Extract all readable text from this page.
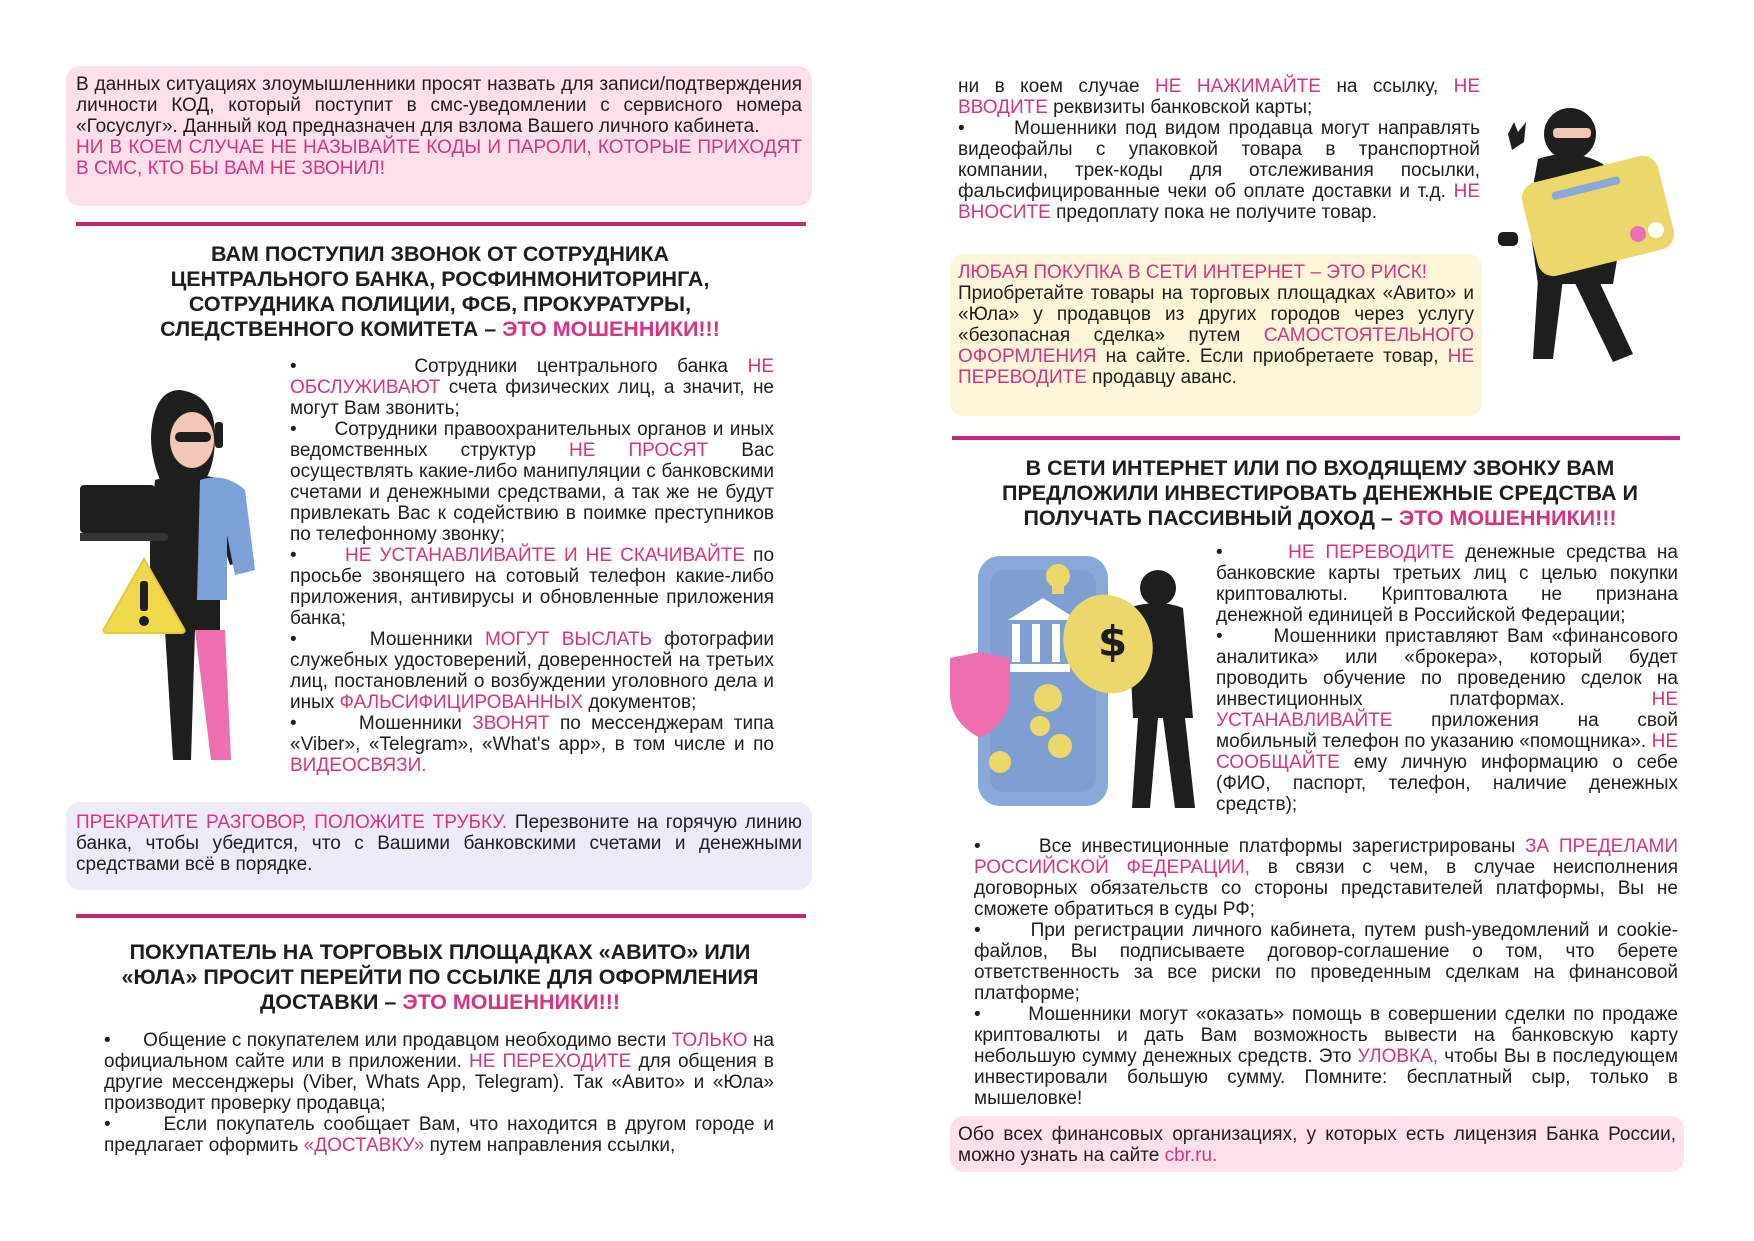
В данных ситуациях злоумышленники просят назвать для записи/подтверждения личности КОД, который поступит в смс-уведомлении с сервисного номера «Госуслуг». Данный код предназначен для взлома Вашего личного кабинета.
НИ В КОЕМ СЛУЧАЕ НЕ НАЗЫВАЙТЕ КОДЫ И ПАРОЛИ, КОТОРЫЕ ПРИХОДЯТ В СМС, КТО БЫ ВАМ НЕ ЗВОНИЛ!

ВАМ ПОСТУПИЛ ЗВОНОК ОТ СОТРУДНИКА ЦЕНТРАЛЬНОГО БАНКА, РОСФИНМОНИТОРИНГА, СОТРУДНИКА ПОЛИЦИИ, ФСБ, ПРОКУРАТУРЫ, СЛЕДСТВЕННОГО КОМИТЕТА – ЭТО МОШЕННИКИ!!!

•      Сотрудники центрального банка НЕ ОБСЛУЖИВАЮТ счета физических лиц, а значит, не могут Вам звонить;
•      Сотрудники правоохранительных органов и иных ведомственных структур НЕ ПРОСЯТ Вас осуществлять какие-либо манипуляции с банковскими счетами и денежными средствами, а так же не будут привлекать Вас к содействию в поимке преступников по телефонному звонку;
•      НЕ УСТАНАВЛИВАЙТЕ И НЕ СКАЧИВАЙТЕ по просьбе звонящего на сотовый телефон какие-либо приложения, антивирусы и обновленные приложения банка;
•      Мошенники МОГУТ ВЫСЛАТЬ фотографии служебных удостоверений, доверенностей на третьих лиц, постановлений о возбуждении уголовного дела и иных ФАЛЬСИФИЦИРОВАННЫХ документов;
•      Мошенники ЗВОНЯТ по мессенджерам типа «Viber», «Telegram», «What's app», в том числе и по ВИДЕОСВЯЗИ.

ПРЕКРАТИТЕ РАЗГОВОР, ПОЛОЖИТЕ ТРУБКУ. Перезвоните на горячую линию банка, чтобы убедится, что с Вашими банковскими счетами и денежными средствами всё в порядке.

ПОКУПАТЕЛЬ НА ТОРГОВЫХ ПЛОЩАДКАХ «АВИТО» ИЛИ «ЮЛА» ПРОСИТ ПЕРЕЙТИ ПО ССЫЛКЕ ДЛЯ ОФОРМЛЕНИЯ ДОСТАВКИ – ЭТО МОШЕННИКИ!!!

•      Общение с покупателем или продавцом необходимо вести ТОЛЬКО на официальном сайте или в приложении. НЕ ПЕРЕХОДИТЕ для общения в другие мессенджеры (Viber, Whats App, Telegram). Так «Авито» и «Юла» производит проверку продавца;
•      Если покупатель сообщает Вам, что находится в другом городе и предлагает оформить «ДОСТАВКУ» путем направления ссылки,

ни в коем случае НЕ НАЖИМАЙТЕ на ссылку, НЕ ВВОДИТЕ реквизиты банковской карты;
•      Мошенники под видом продавца могут направлять видеофайлы с упаковкой товара в транспортной компании, трек-коды для отслеживания посылки, фальсифицированные чеки об оплате доставки и т.д. НЕ ВНОСИТЕ предоплату пока не получите товар.

ЛЮБАЯ ПОКУПКА В СЕТИ ИНТЕРНЕТ – ЭТО РИСК!
Приобретайте товары на торговых площадках «Авито» и «Юла» у продавцов из других городов через услугу «безопасная сделка» путем САМОСТОЯТЕЛЬНОГО ОФОРМЛЕНИЯ на сайте. Если приобретаете товар, НЕ ПЕРЕВОДИТЕ продавцу аванс.

В СЕТИ ИНТЕРНЕТ ИЛИ ПО ВХОДЯЩЕМУ ЗВОНКУ ВАМ ПРЕДЛОЖИЛИ ИНВЕСТИРОВАТЬ ДЕНЕЖНЫЕ СРЕДСТВА И ПОЛУЧАТЬ ПАССИВНЫЙ ДОХОД – ЭТО МОШЕННИКИ!!!

$

•      НЕ ПЕРЕВОДИТЕ денежные средства на банковские карты третьих лиц с целью покупки криптовалюты. Криптовалюта не признана денежной единицей в Российской Федерации;
•      Мошенники приставляют Вам «финансового аналитика» или «брокера», который будет проводить обучение по проведению сделок на инвестиционных платформах.	НЕ УСТАНАВЛИВАЙТЕ приложения на свой мобильный телефон по указанию «помощника». НЕ СООБЩАЙТЕ ему личную информацию о себе (ФИО, паспорт, телефон, наличие денежных средств);

•      Все инвестиционные платформы зарегистрированы ЗА ПРЕДЕЛАМИ РОССИЙСКОЙ ФЕДЕРАЦИИ, в связи с чем, в случае неисполнения договорных обязательств со стороны представителей платформы, Вы не сможете обратиться в суды РФ;
•      При регистрации личного кабинета, путем push-уведомлений и cookie-файлов, Вы подписываете договор-соглашение о том, что берете ответственность за все риски по проведенным сделкам на финансовой платформе;
•      Мошенники могут «оказать» помощь в совершении сделки по продаже криптовалюты и дать Вам возможность вывести на банковскую карту небольшую сумму денежных средств. Это УЛОВКА, чтобы Вы в последующем инвестировали большую сумму. Помните: бесплатный сыр, только в мышеловке!

Обо всех финансовых организациях, у которых есть лицензия Банка России, можно узнать на сайте cbr.ru.
